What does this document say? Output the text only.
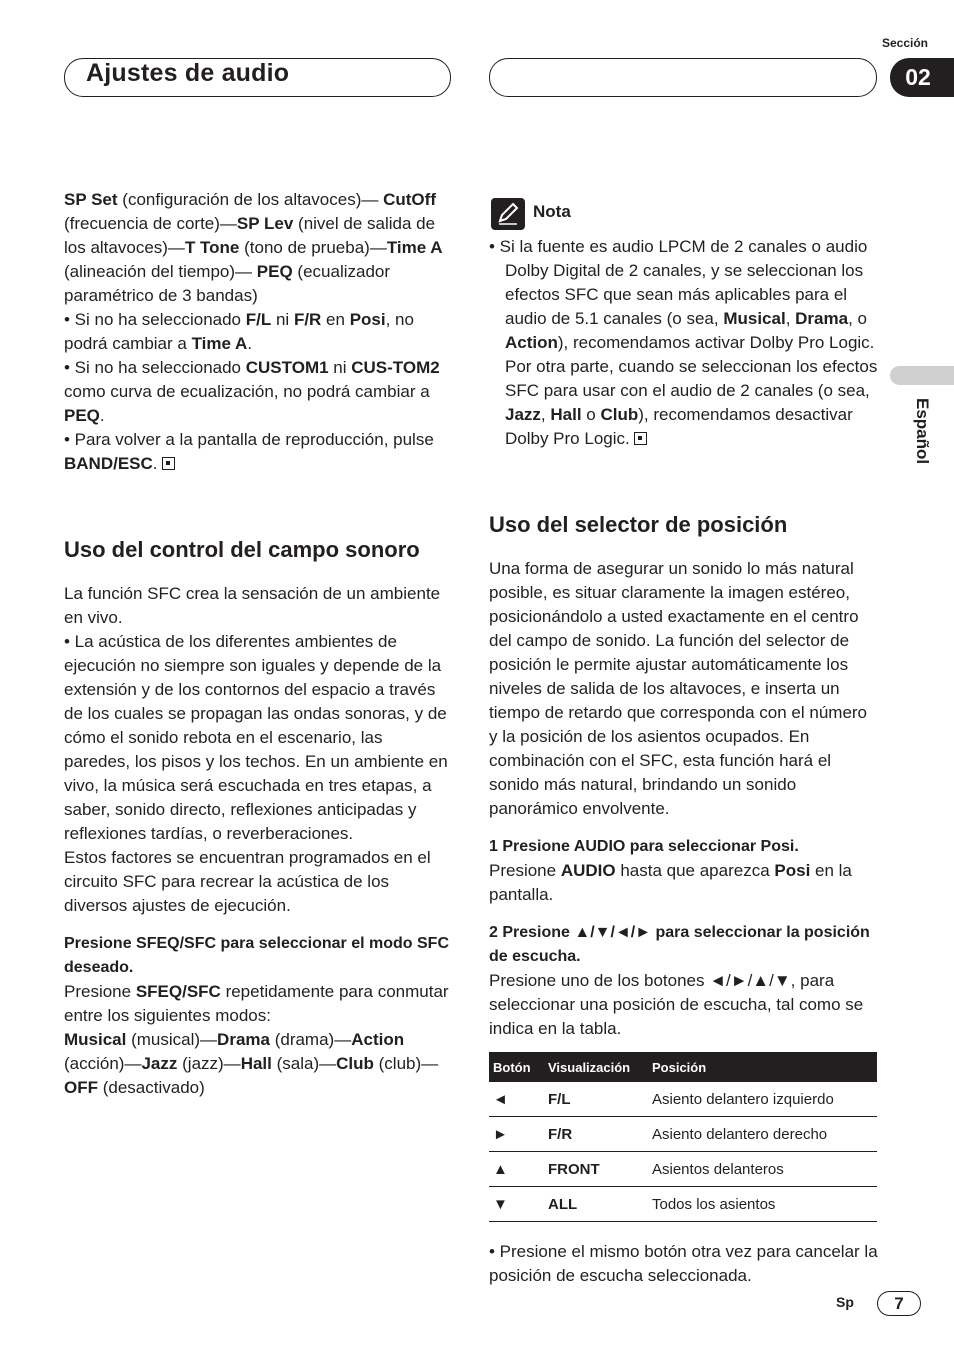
Ajustes de audio
Sección
02
Español

SP Set (configuración de los altavoces)— CutOff (frecuencia de corte)—SP Lev (nivel de salida de los altavoces)—T Tone (tono de prueba)—Time A (alineación del tiempo)— PEQ (ecualizador paramétrico de 3 bandas)

• Si no ha seleccionado F/L ni F/R en Posi, no podrá cambiar a Time A.

• Si no ha seleccionado CUSTOM1 ni CUS-TOM2 como curva de ecualización, no podrá cambiar a PEQ.

• Para volver a la pantalla de reproducción, pulse BAND/ESC.

Uso del control del campo sonoro

La función SFC crea la sensación de un ambiente en vivo.

• La acústica de los diferentes ambientes de ejecución no siempre son iguales y depende de la extensión y de los contornos del espacio a través de los cuales se propagan las ondas sonoras, y de cómo el sonido rebota en el escenario, las paredes, los pisos y los techos. En un ambiente en vivo, la música será escuchada en tres etapas, a saber, sonido directo, reflexiones anticipadas y reflexiones tardías, o reverberaciones.

Estos factores se encuentran programados en el circuito SFC para recrear la acústica de los diversos ajustes de ejecución.

Presione SFEQ/SFC para seleccionar el modo SFC deseado.

Presione SFEQ/SFC repetidamente para conmutar entre los siguientes modos:

Musical (musical)—Drama (drama)—Action (acción)—Jazz (jazz)—Hall (sala)—Club (club)—OFF (desactivado)

Nota

• Si la fuente es audio LPCM de 2 canales o audio Dolby Digital de 2 canales, y se seleccionan los efectos SFC que sean más aplicables para el audio de 5.1 canales (o sea, Musical, Drama, o Action), recomendamos activar Dolby Pro Logic. Por otra parte, cuando se seleccionan los efectos SFC para usar con el audio de 2 canales (o sea, Jazz, Hall o Club), recomendamos desactivar Dolby Pro Logic.

Uso del selector de posición

Una forma de asegurar un sonido lo más natural posible, es situar claramente la imagen estéreo, posicionándolo a usted exactamente en el centro del campo de sonido. La función del selector de posición le permite ajustar automáticamente los niveles de salida de los altavoces, e inserta un tiempo de retardo que corresponda con el número y la posición de los asientos ocupados. En combinación con el SFC, esta función hará el sonido más natural, brindando un sonido panorámico envolvente.

1 Presione AUDIO para seleccionar Posi.

Presione AUDIO hasta que aparezca Posi en la pantalla.

2 Presione ▲/▼/◄/► para seleccionar la posición de escucha.

Presione uno de los botones ◄/►/▲/▼, para seleccionar una posición de escucha, tal como se indica en la tabla.

Botón	Visualización	Posición
◄	F/L	Asiento delantero izquierdo
►	F/R	Asiento delantero derecho
▲	FRONT	Asientos delanteros
▼	ALL	Todos los asientos

• Presione el mismo botón otra vez para cancelar la posición de escucha seleccionada.

Sp	7
